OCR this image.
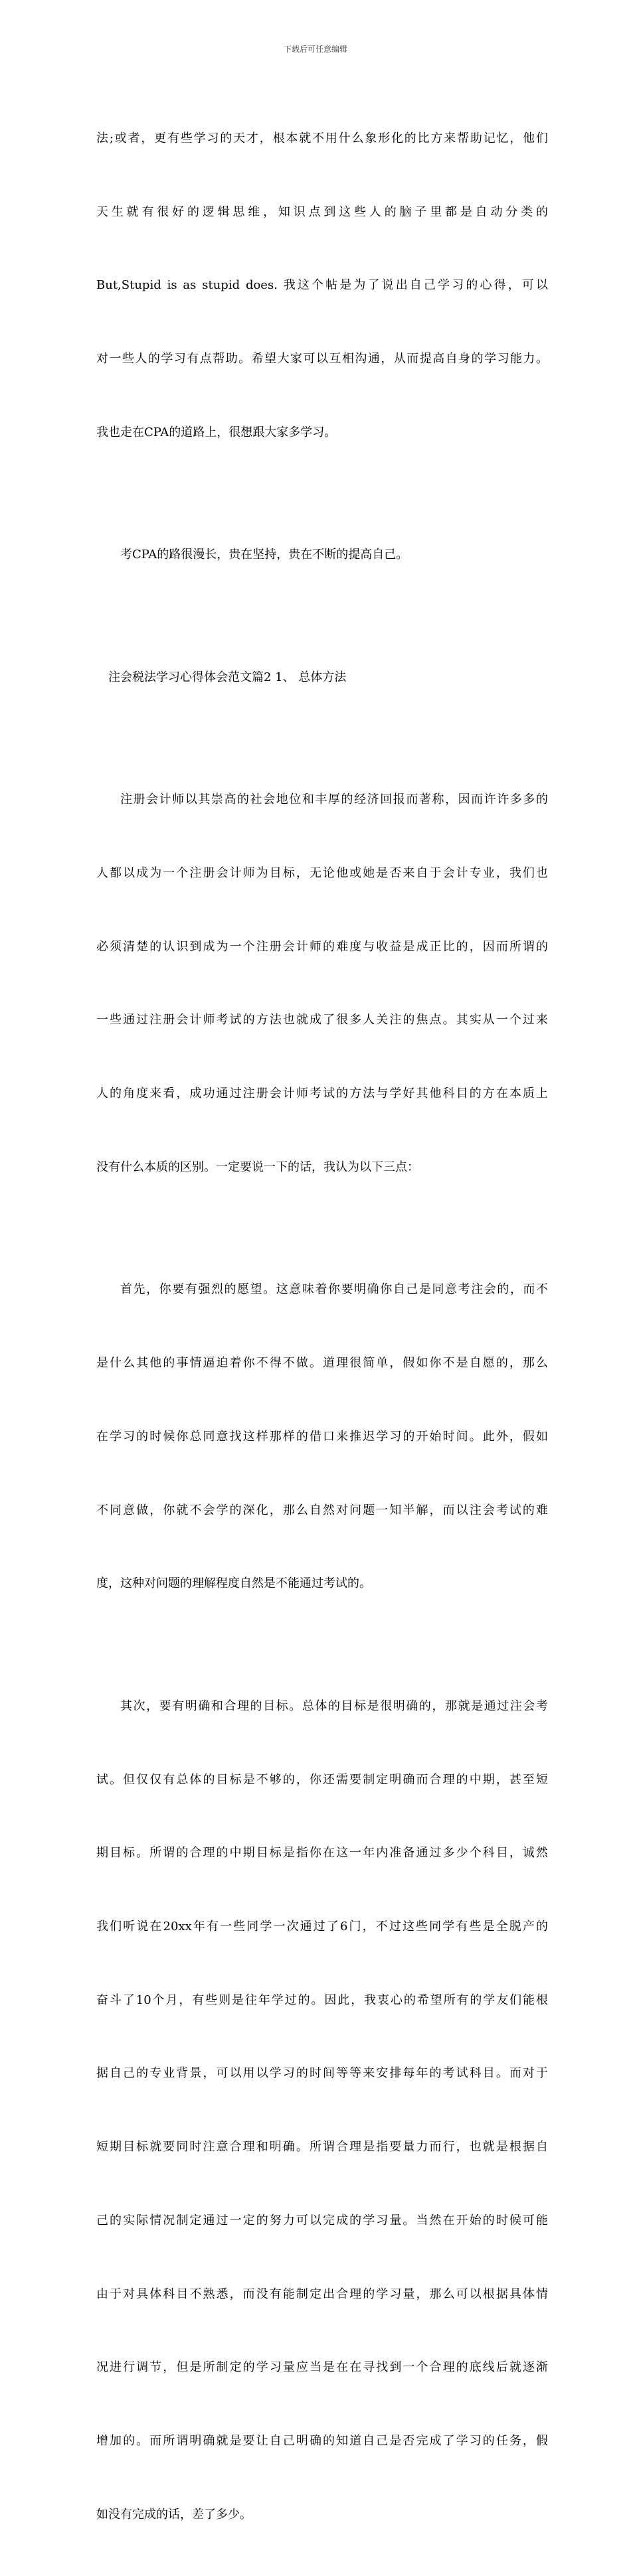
下载后可任意编辑

法;或者，更有些学习的天才，根本就不用什么象形化的比方来帮助记忆，他们

天生就有很好的逻辑思维，知识点到这些人的脑子里都是自动分类的

But,Stupid is as stupid does. 我这个帖是为了说出自己学习的心得，可以

对一些人的学习有点帮助。希望大家可以互相沟通，从而提高自身的学习能力。

我也走在CPA的道路上，很想跟大家多学习。

考CPA的路很漫长，贵在坚持，贵在不断的提高自己。

注会税法学习心得体会范文篇2 1、 总体方法

注册会计师以其崇高的社会地位和丰厚的经济回报而著称，因而许许多多的

人都以成为一个注册会计师为目标，无论他或她是否来自于会计专业，我们也

必须清楚的认识到成为一个注册会计师的难度与收益是成正比的，因而所谓的

一些通过注册会计师考试的方法也就成了很多人关注的焦点。其实从一个过来

人的角度来看，成功通过注册会计师考试的方法与学好其他科目的方在本质上

没有什么本质的区别。一定要说一下的话，我认为以下三点：

首先，你要有强烈的愿望。这意味着你要明确你自己是同意考注会的，而不

是什么其他的事情逼迫着你不得不做。道理很简单，假如你不是自愿的，那么

在学习的时候你总同意找这样那样的借口来推迟学习的开始时间。此外，假如

不同意做，你就不会学的深化，那么自然对问题一知半解，而以注会考试的难

度，这种对问题的理解程度自然是不能通过考试的。

其次，要有明确和合理的目标。总体的目标是很明确的，那就是通过注会考

试。但仅仅有总体的目标是不够的，你还需要制定明确而合理的中期，甚至短

期目标。所谓的合理的中期目标是指你在这一年内准备通过多少个科目，诚然

我们听说在20xx年有一些同学一次通过了6门，不过这些同学有些是全脱产的

奋斗了10个月，有些则是往年学过的。因此，我衷心的希望所有的学友们能根

据自己的专业背景，可以用以学习的时间等等来安排每年的考试科目。而对于

短期目标就要同时注意合理和明确。所谓合理是指要量力而行，也就是根据自

己的实际情况制定通过一定的努力可以完成的学习量。当然在开始的时候可能

由于对具体科目不熟悉，而没有能制定出合理的学习量，那么可以根据具体情

况进行调节，但是所制定的学习量应当是在在寻找到一个合理的底线后就逐渐

增加的。而所谓明确就是要让自己明确的知道自己是否完成了学习的任务，假

如没有完成的话，差了多少。
